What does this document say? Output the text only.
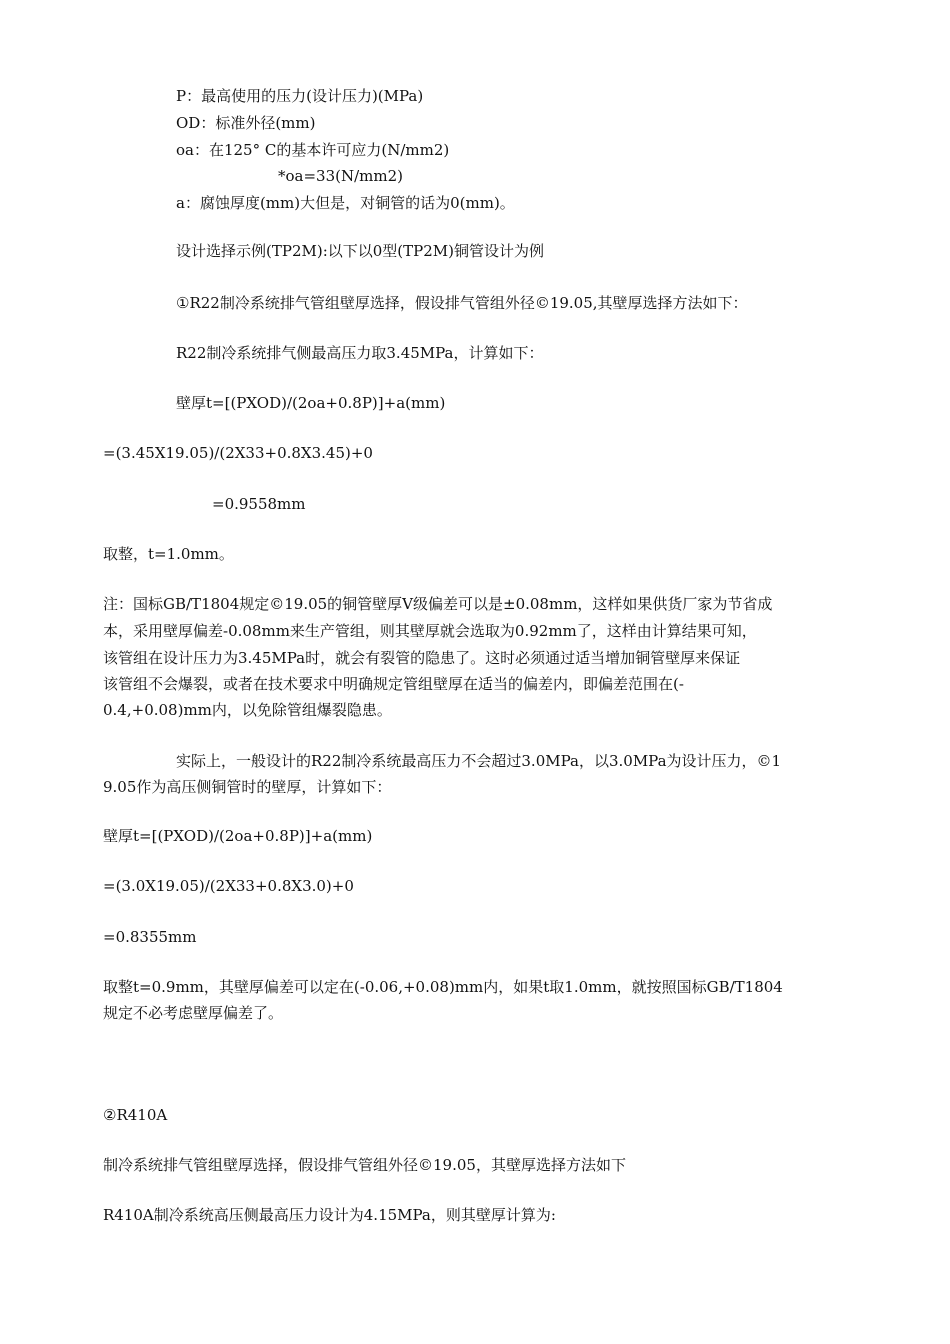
P：最高使用的压力(设计压力)(MPa)
OD：标准外径(mm)
oa：在125° C的基本许可应力(N/mm2)
*oa=33(N/mm2)
a：腐蚀厚度(mm)大但是，对铜管的话为0(mm)。
设计选择示例(TP2M):以下以0型(TP2M)铜管设计为例
①R22制冷系统排气管组壁厚选择，假设排气管组外径©19.05,其壁厚选择方法如下：
R22制冷系统排气侧最高压力取3.45MPa，计算如下：
壁厚t=[(PXOD)/(2oa+0.8P)]+a(mm)
=(3.45X19.05)/(2X33+0.8X3.45)+0
=0.9558mm
取整，t=1.0mm。
注：国标GB/T1804规定©19.05的铜管壁厚V级偏差可以是±0.08mm，这样如果供货厂家为节省成
本，采用壁厚偏差-0.08mm来生产管组，则其壁厚就会选取为0.92mm了，这样由计算结果可知，
该管组在设计压力为3.45MPa时，就会有裂管的隐患了。这时必须通过适当增加铜管壁厚来保证
该管组不会爆裂，或者在技术要求中明确规定管组壁厚在适当的偏差内，即偏差范围在(-
0.4,+0.08)mm内，以免除管组爆裂隐患。
实际上，一般设计的R22制冷系统最高压力不会超过3.0MPa，以3.0MPa为设计压力，©1
9.05作为高压侧铜管时的壁厚，计算如下：
壁厚t=[(PXOD)/(2oa+0.8P)]+a(mm)
=(3.0X19.05)/(2X33+0.8X3.0)+0
=0.8355mm
取整t=0.9mm，其壁厚偏差可以定在(-0.06,+0.08)mm内，如果t取1.0mm，就按照国标GB/T1804
规定不必考虑壁厚偏差了。
②R410A
制冷系统排气管组壁厚选择，假设排气管组外径©19.05，其壁厚选择方法如下
R410A制冷系统高压侧最高压力设计为4.15MPa，则其壁厚计算为:
